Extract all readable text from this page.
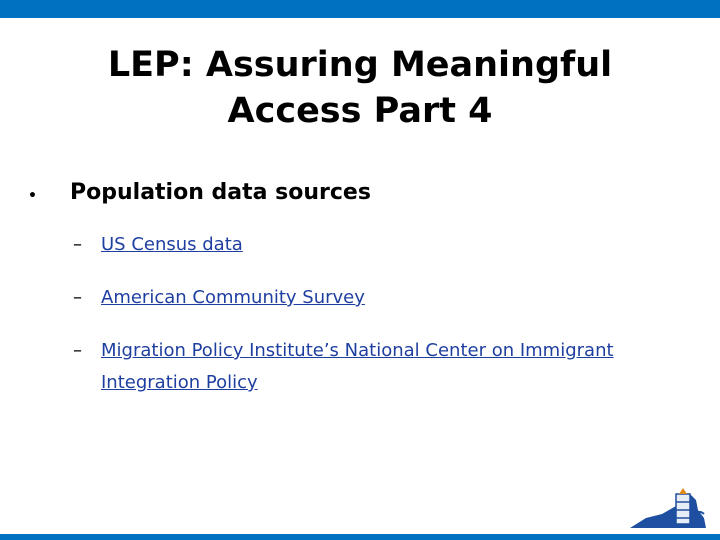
LEP: Assuring Meaningful
Access Part 4
• Population data sources
– US Census data
– American Community Survey
– Migration Policy Institute’s National Center on Immigrant Integration Policy
